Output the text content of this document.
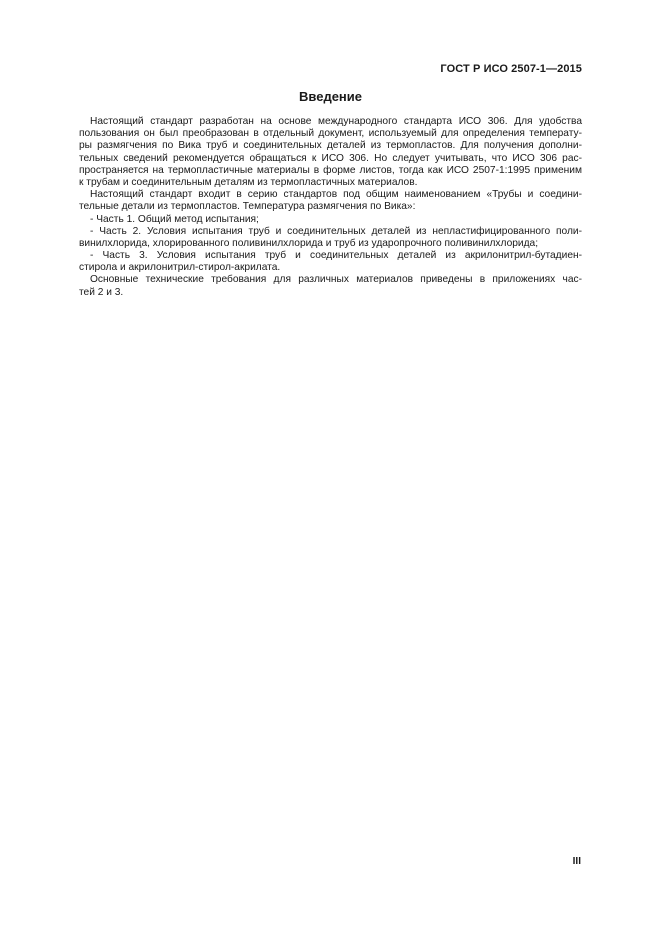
ГОСТ Р ИСО 2507-1—2015
Введение
Настоящий стандарт разработан на основе международного стандарта ИСО 306. Для удобства
пользования он был преобразован в отдельный документ, используемый для определения температу-
ры размягчения по Вика труб и соединительных деталей из термопластов. Для получения дополни-
тельных сведений рекомендуется обращаться к ИСО 306. Но следует учитывать, что ИСО 306 рас-
пространяется на термопластичные материалы в форме листов, тогда как ИСО 2507-1:1995 применим
к трубам и соединительным деталям из термопластичных материалов.
Настоящий стандарт входит в серию стандартов под общим наименованием «Трубы и соедини-
тельные детали из термопластов. Температура размягчения по Вика»:
- Часть 1. Общий метод испытания;
- Часть 2. Условия испытания труб и соединительных деталей из непластифицированного поли-
винилхлорида, хлорированного поливинилхлорида и труб из ударопрочного поливинилхлорида;
- Часть 3. Условия испытания труб и соединительных деталей из акрилонитрил-бутадиен-
стирола и акрилонитрил-стирол-акрилата.
Основные технические требования для различных материалов приведены в приложениях час-
тей 2 и 3.
III
